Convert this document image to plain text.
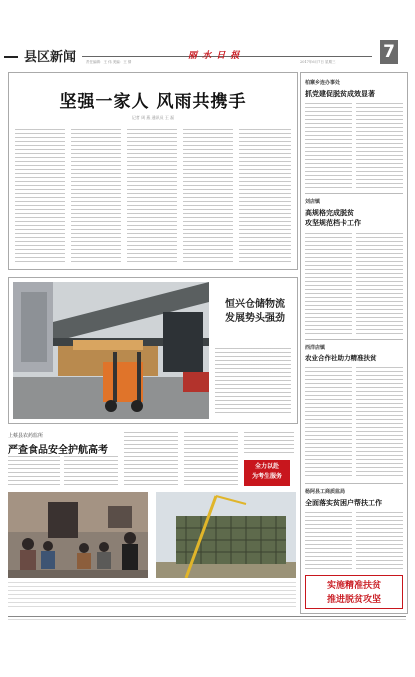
县区新闻	责任编辑：王 伟 美编：王 倩
丽 水 日 报
2017年6月7日 星期三	7
坚强一家人 风雨共携手
记者 周 燕 通讯员 王 磊
恒兴仓储物流
发展势头强劲
上蔡县农药监所
严查食品安全护航高考
全力以赴
为考生服务
柏寨乡连办事处
抓党建促脱贫成效显著
刘店镇
高规格完成脱贫
攻坚规范档卡工作
西洋店镇
农业合作社助力精准扶贫
杨阿县工商质监局
全面落实贫困户帮扶工作
实施精准扶贫
推进脱贫攻坚
